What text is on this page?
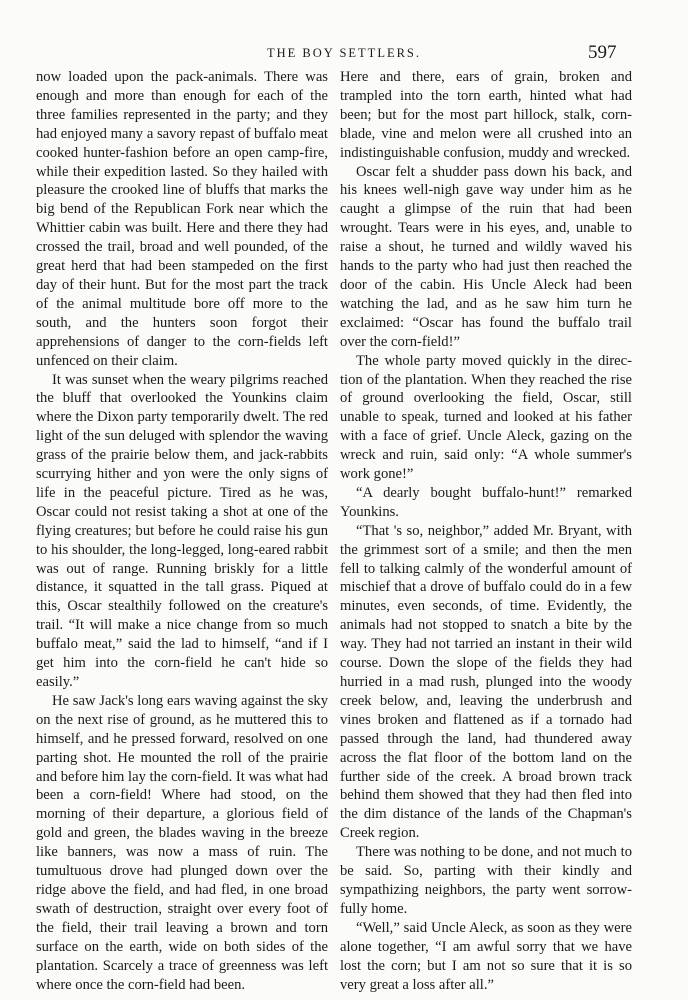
THE BOY SETTLERS.	597

now loaded upon the pack-animals. There was enough and more than enough for each of the three families represented in the party; and they had enjoyed many a savory repast of buffalo meat cooked hunter-fashion before an open camp-fire, while their expedition lasted. So they hailed with pleasure the crooked line of bluffs that marks the big bend of the Republican Fork near which the Whittier cabin was built. Here and there they had crossed the trail, broad and well pounded, of the great herd that had been stampeded on the first day of their hunt. But for the most part the track of the animal multitude bore off more to the south, and the hunters soon forgot their apprehensions of danger to the corn-fields left unfenced on their claim.

It was sunset when the weary pilgrims reached the bluff that overlooked the Younkins claim where the Dixon party temporarily dwelt. The red light of the sun deluged with splendor the waving grass of the prairie below them, and jack-rabbits scurrying hither and yon were the only signs of life in the peaceful picture. Tired as he was, Oscar could not resist taking a shot at one of the flying creatures; but before he could raise his gun to his shoulder, the long-legged, long-eared rabbit was out of range. Running briskly for a little distance, it squatted in the tall grass. Piqued at this, Oscar stealthily followed on the creature's trail. “It will make a nice change from so much buffalo meat,” said the lad to himself, “and if I get him into the corn-field he can't hide so easily.”

He saw Jack's long ears waving against the sky on the next rise of ground, as he muttered this to himself, and he pressed forward, resolved on one parting shot. He mounted the roll of the prairie and before him lay the corn-field. It was what had been a corn-field! Where had stood, on the morning of their departure, a glorious field of gold and green, the blades waving in the breeze like banners, was now a mass of ruin. The tumultuous drove had plunged down over the ridge above the field, and had fled, in one broad swath of destruction, straight over every foot of the field, their trail leaving a brown and torn surface on the earth, wide on both sides of the plantation. Scarcely a trace of greenness was left where once the corn-field had been.

Here and there, ears of grain, broken and trampled into the torn earth, hinted what had been; but for the most part hillock, stalk, corn-blade, vine and melon were all crushed into an indistinguishable confusion, muddy and wrecked.

Oscar felt a shudder pass down his back, and his knees well-nigh gave way under him as he caught a glimpse of the ruin that had been wrought. Tears were in his eyes, and, unable to raise a shout, he turned and wildly waved his hands to the party who had just then reached the door of the cabin. His Uncle Aleck had been watching the lad, and as he saw him turn he exclaimed: “Oscar has found the buffalo trail over the corn-field!”

The whole party moved quickly in the direction of the plantation. When they reached the rise of ground overlooking the field, Oscar, still unable to speak, turned and looked at his father with a face of grief. Uncle Aleck, gazing on the wreck and ruin, said only: “A whole summer's work gone!”

“A dearly bought buffalo-hunt!” remarked Younkins.

“That 's so, neighbor,” added Mr. Bryant, with the grimmest sort of a smile; and then the men fell to talking calmly of the wonderful amount of mischief that a drove of buffalo could do in a few minutes, even seconds, of time. Evidently, the animals had not stopped to snatch a bite by the way. They had not tarried an instant in their wild course. Down the slope of the fields they had hurried in a mad rush, plunged into the woody creek below, and, leaving the underbrush and vines broken and flattened as if a tornado had passed through the land, had thundered away across the flat floor of the bottom land on the further side of the creek. A broad brown track behind them showed that they had then fled into the dim distance of the lands of the Chapman's Creek region.

There was nothing to be done, and not much to be said. So, parting with their kindly and sympathizing neighbors, the party went sorrowfully home.

“Well,” said Uncle Aleck, as soon as they were alone together, “I am awful sorry that we have lost the corn; but I am not so sure that it is so very great a loss after all.”
